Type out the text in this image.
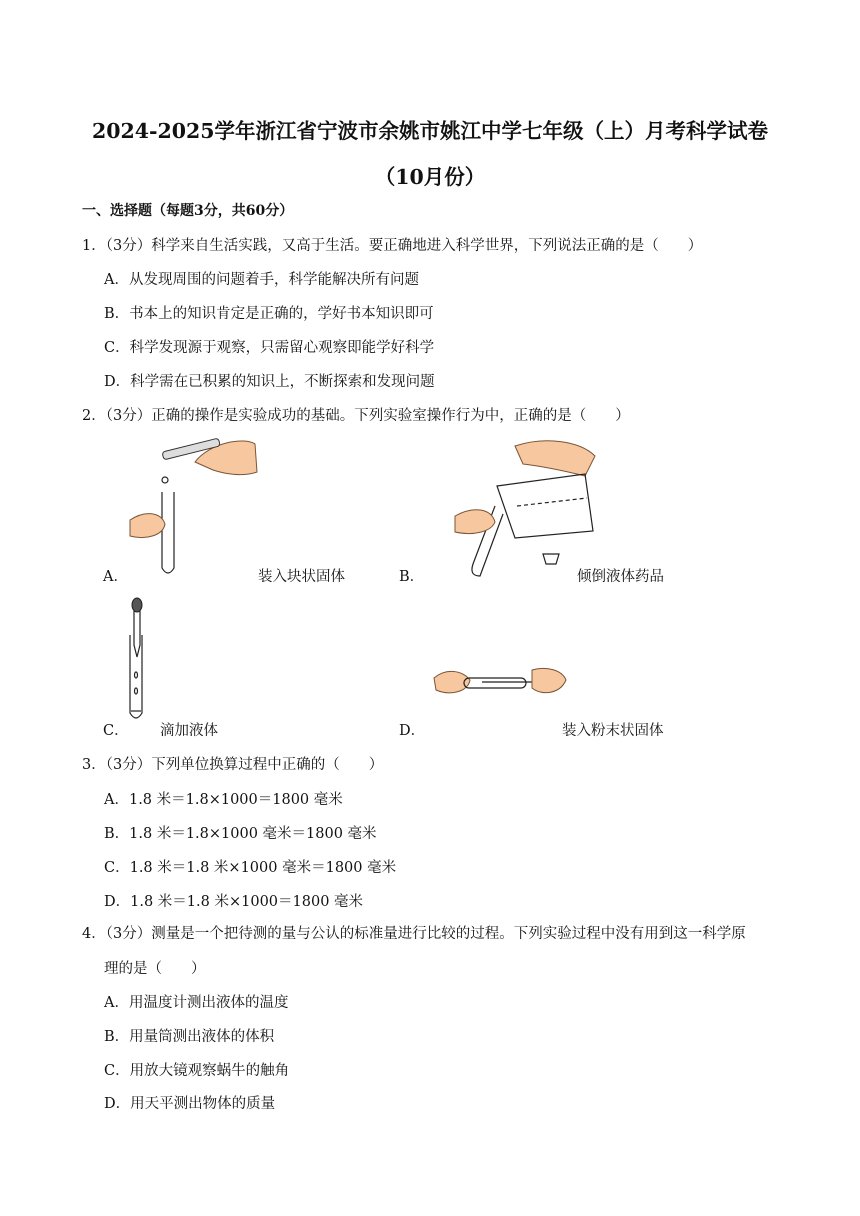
2024-2025学年浙江省宁波市余姚市姚江中学七年级（上）月考科学试卷
（10月份）
一、选择题（每题3分，共60分）
1．（3分）科学来自生活实践，又高于生活。要正确地进入科学世界，下列说法正确的是（　　）
A．从发现周围的问题着手，科学能解决所有问题
B．书本上的知识肯定是正确的，学好书本知识即可
C．科学发现源于观察，只需留心观察即能学好科学
D．科学需在已积累的知识上，不断探索和发现问题
2．（3分）正确的操作是实验成功的基础。下列实验室操作行为中，正确的是（　　）
A．	装入块状固体	B．	倾倒液体药品
C． 滴加液体	D．	装入粉末状固体
3．（3分）下列单位换算过程中正确的（　　）
A．1.8 米＝1.8×1000＝1800 毫米
B．1.8 米＝1.8×1000 毫米＝1800 毫米
C．1.8 米＝1.8 米×1000 毫米＝1800 毫米
D．1.8 米＝1.8 米×1000＝1800 毫米
4．（3分）测量是一个把待测的量与公认的标准量进行比较的过程。下列实验过程中没有用到这一科学原
理的是（　　）
A．用温度计测出液体的温度
B．用量筒测出液体的体积
C．用放大镜观察蜗牛的触角
D．用天平测出物体的质量
